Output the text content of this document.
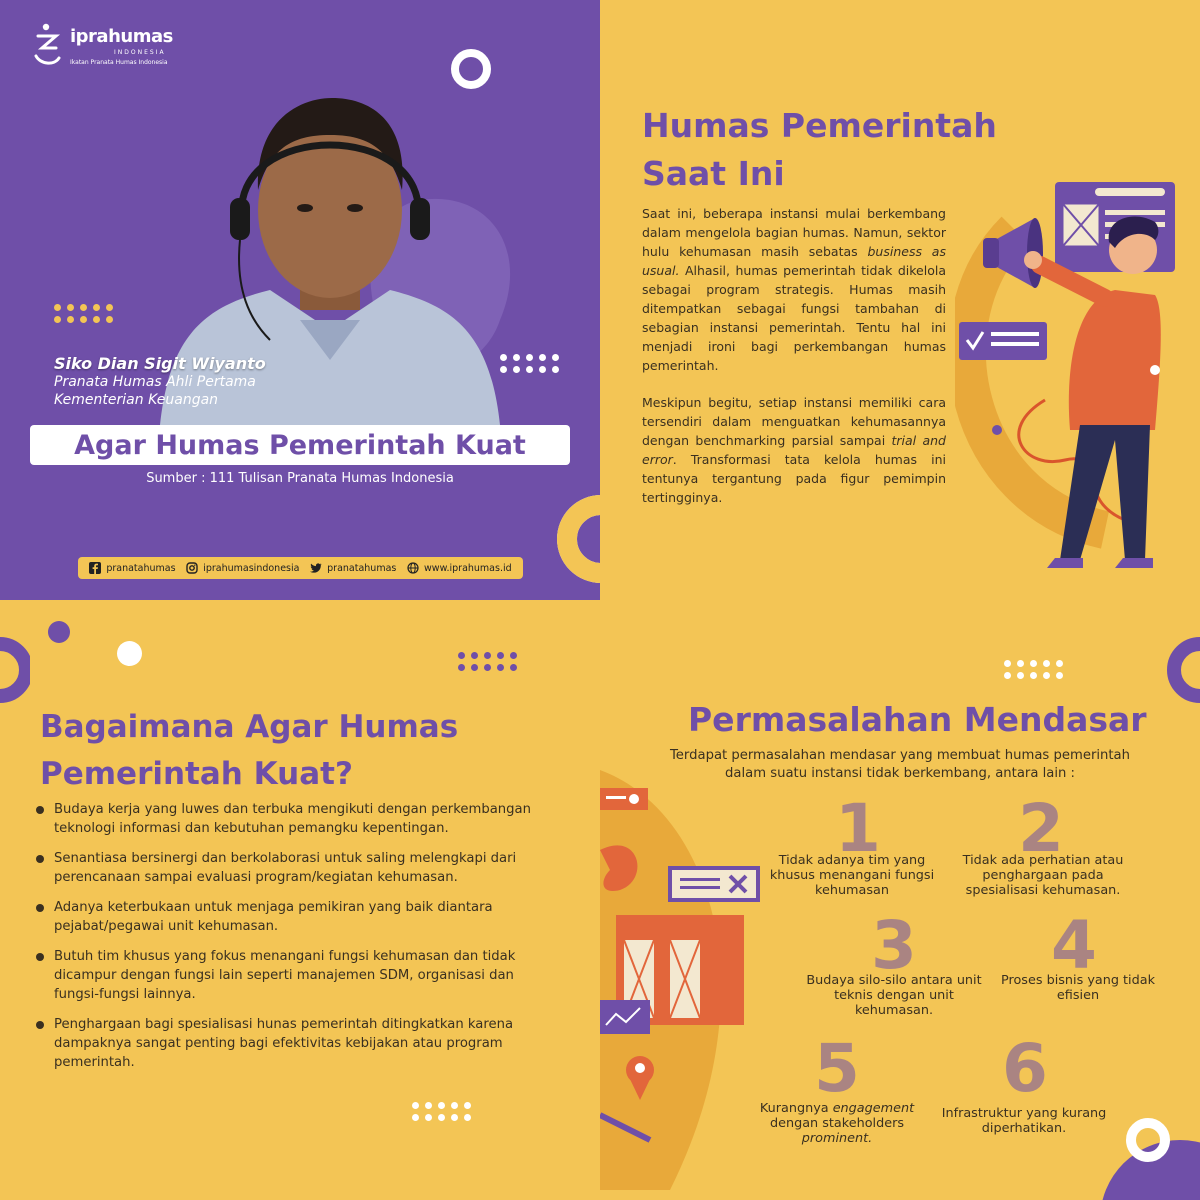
iprahumas
INDONESIA
Ikatan Pranata Humas Indonesia
Siko Dian Sigit Wiyanto
Pranata Humas Ahli Pertama
Kementerian Keuangan
Agar Humas Pemerintah Kuat
Sumber : 111 Tulisan Pranata Humas Indonesia
pranatahumas	iprahumasindonesia	pranatahumas	www.iprahumas.id
Humas Pemerintah
Saat Ini

Saat ini, beberapa instansi mulai berkembang dalam mengelola bagian humas. Namun, sektor hulu kehumasan masih sebatas business as usual. Alhasil, humas pemerintah tidak dikelola sebagai program strategis. Humas masih ditempatkan sebagai fungsi tambahan di sebagian instansi pemerintah. Tentu hal ini menjadi ironi bagi perkembangan humas pemerintah.

Meskipun begitu, setiap instansi memiliki cara tersendiri dalam menguatkan kehumasannya dengan benchmarking parsial sampai trial and error. Transformasi tata kelola humas ini tentunya tergantung pada figur pemimpin tertingginya.

Bagaimana Agar Humas
Pemerintah Kuat?
Budaya kerja yang luwes dan terbuka mengikuti dengan perkembangan teknologi informasi dan kebutuhan pemangku kepentingan.
Senantiasa bersinergi dan berkolaborasi untuk saling melengkapi dari perencanaan sampai evaluasi program/kegiatan kehumasan.
Adanya keterbukaan untuk menjaga pemikiran yang baik diantara pejabat/pegawai unit kehumasan.
Butuh tim khusus yang fokus menangani fungsi kehumasan dan tidak dicampur dengan fungsi lain seperti manajemen SDM, organisasi dan fungsi-fungsi lainnya.
Penghargaan bagi spesialisasi hunas pemerintah ditingkatkan karena dampaknya sangat penting bagi efektivitas kebijakan atau program pemerintah.
Permasalahan Mendasar
Terdapat permasalahan mendasar yang membuat humas pemerintah dalam suatu instansi tidak berkembang, antara lain :
1
Tidak adanya tim yang khusus menangani fungsi kehumasan
2
Tidak ada perhatian atau penghargaan pada spesialisasi kehumasan.
3
Budaya silo-silo antara unit teknis dengan unit kehumasan.
4
Proses bisnis yang tidak efisien
5
Kurangnya engagement dengan stakeholders prominent.
6
Infrastruktur yang kurang diperhatikan.
